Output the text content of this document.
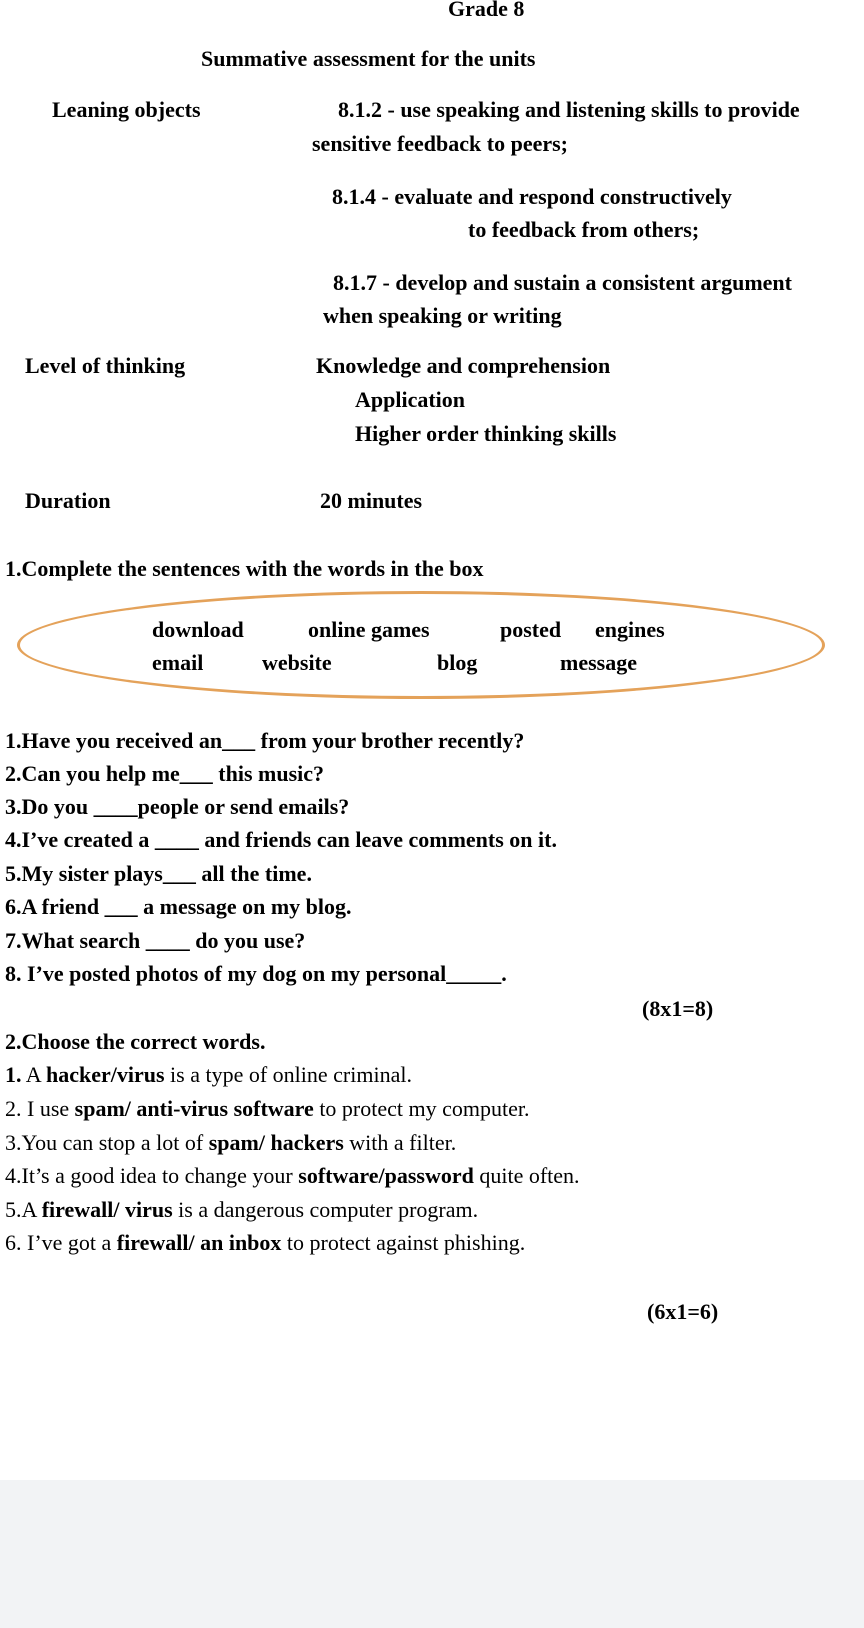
Grade 8
Summative assessment for the units
Leaning objects	8.1.2 - use speaking and listening skills to provide
sensitive feedback to peers;
8.1.4 - evaluate and respond constructively
to feedback from others;
8.1.7 - develop and sustain a consistent argument
when speaking or writing
Level of thinking	Knowledge and comprehension
Application
Higher order thinking skills
Duration	20 minutes
1.Complete the sentences with the words in the box
download	online games	posted engines
email	website	blog	message
1.Have you received an___ from your brother recently?
2.Can you help me___ this music?
3.Do you ____people or send emails?
4.I’ve created a ____ and friends can leave comments on it.
5.My sister plays___ all the time.
6.A friend ___ a message on my blog.
7.What search ____ do you use?
8. I’ve posted photos of my dog on my personal_____.
(8x1=8)
2.Choose the correct words.
1. A hacker/virus is a type of online criminal.
2. I use spam/ anti-virus software to protect my computer.
3.You can stop a lot of spam/ hackers with a filter.
4.It’s a good idea to change your software/password quite often.
5.A firewall/ virus is a dangerous computer program.
6. I’ve got a firewall/ an inbox to protect against phishing.
(6x1=6)
